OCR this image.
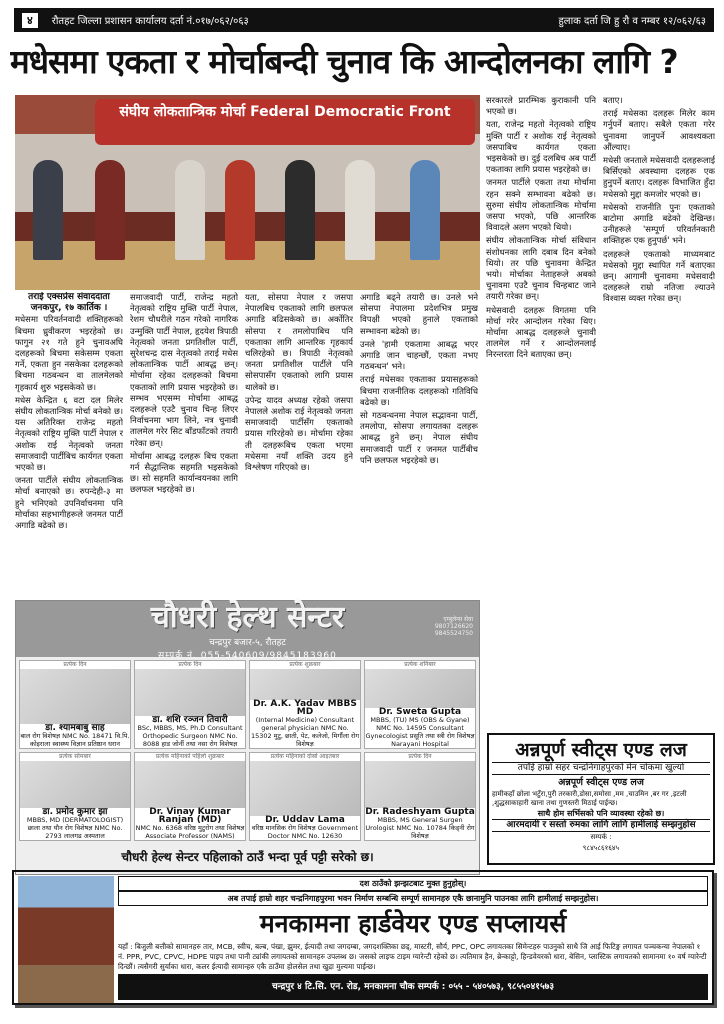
४	रौतहट जिल्ला प्रशासन कार्यालय दर्ता नं.०१७/०६२/०६३	हुलाक दर्ता जि हु रौ व नम्बर १२/०६२/६३
मधेसमा एकता र मोर्चाबन्दी चुनाव कि आन्दोलनका लागि ?
संघीय लोकतान्त्रिक मोर्चा Federal Democratic Front
तराई एक्सप्रेस संवाददाता
जनकपुर, १७ कार्तिक ।

मधेसमा परिवर्तनवादी शक्तिहरूको बिचमा ध्रुवीकरण भइरहेको छ। फागुन २१ गते हुने चुनावअघि दलहरूको बिचमा सकेसम्म एकता गर्ने, एकता हुन नसकेका दलहरूको बिचमा गठबन्धन वा तालमेलको गृहकार्य शुरु भइसकेको छ।

मधेस केन्द्रित ६ वटा दल मिलेर संघीय लोकतान्त्रिक मोर्चा बनेको छ। यस अतिरिक्त राजेन्द्र महतो नेतृत्वको राष्ट्रिय मुक्ति पार्टी नेपाल र अशोक राई नेतृत्वको जनता समाजवादी पार्टीबिच कार्यगत एकता भएको छ।

जनता पार्टीले संघीय लोकतान्त्रिक मोर्चा बनाएको छ। रुपन्देही-३ मा हुने भनिएको उपनिर्वाचनमा पनि मोर्चाका सहभागीहरूले जनमत पार्टी अगाडि बढेको छ।

समाजवादी पार्टी, राजेन्द्र महतो नेतृत्वको राष्ट्रिय मुक्ति पार्टी नेपाल, रेशम चौधरीले गठन गरेको नागरिक उन्मुक्ति पार्टी नेपाल, हृदयेश त्रिपाठी नेतृत्वको जनता प्रगतिशील पार्टी, सुरेशचन्द्र दास नेतृत्वको तराई मधेस लोकतान्त्रिक पार्टी आबद्ध छन्। मोर्चामा रहेका दलहरूको बिचमा एकताको लागि प्रयास भइरहेको छ। सम्भव भएसम्म मोर्चामा आबद्ध दलहरूले एउटै चुनाव चिन्ह लिएर निर्वाचनमा भाग लिने, नत्र चुनावी तालमेल गरेर सिट बाँडफाँटको तयारी गरेका छन्।

मोर्चामा आबद्ध दलहरू बिच एकता गर्न सैद्धान्तिक सहमति भइसकेको छ। सो सहमति कार्यान्वयनका लागि छलफल भइरहेको छ।

यता, सोसपा नेपाल र जसपा नेपालबिच एकताको लागि छलफल अगाडि बढिसकेको छ। अर्कोतिर सोसपा र तमलोपाबिच पनि एकताका लागि आन्तरिक गृहकार्य चलिरहेको छ। त्रिपाठी नेतृत्वको जनता प्रगतिशील पार्टीले पनि सोसपासँग एकताको लागि प्रयास थालेको छ।

उपेन्द्र यादव अध्यक्ष रहेको जसपा नेपालले अशोक राई नेतृत्वको जनता समाजवादी पार्टीसँग एकताको प्रयास गरिरहेको छ। मोर्चामा रहेका ती दलहरूबिच एकता भएमा मधेसमा नयाँ शक्ति उदय हुने विश्लेषण गरिएको छ।

अगाडि बढ्ने तयारी छ। उनले भने सोसपा नेपालमा प्रदेशभित्र प्रमुख विपक्षी भएको हुनाले एकताको सम्भावना बढेको छ।

उनले 'हामी एकतामा आबद्ध भएर अगाडि जान चाहन्छौं, एकता नभए गठबन्धन' भने।

तराई मधेसका एकताका प्रयासहरूको बिचमा राजनीतिक दलहरूको गतिविधि बढेको छ।

सो गठबन्धनमा नेपाल सद्भावना पार्टी, तमलोपा, सोसपा लगायतका दलहरू आबद्ध हुने छन्। नेपाल संघीय समाजवादी पार्टी र जनमत पार्टीबीच पनि छलफल भइरहेको छ।

सरकारले प्रारम्भिक कुराकानी पनि भएको छ।

यता, राजेन्द्र महतो नेतृत्वको राष्ट्रिय मुक्ति पार्टी र अशोक राई नेतृत्वको जसपाबिच कार्यगत एकता भइसकेको छ। दुई दलबिच अब पार्टी एकताका लागि प्रयास भइरहेको छ।

जनमत पार्टीले एकता तथा मोर्चामा रहन सक्ने सम्भावना बढेको छ। सुरुमा संघीय लोकतान्त्रिक मोर्चामा जसपा भएको, पछि आन्तरिक विवादले अलग भएको थियो।

संघीय लोकतान्त्रिक मोर्चा संविधान संशोधनका लागि दबाब दिन बनेको थियो। तर पछि चुनावमा केन्द्रित भयो। मोर्चाका नेताहरूले अबको चुनावमा एउटै चुनाव चिन्हबाट जाने तयारी गरेका छन्।

मधेसवादी दलहरू विगतमा पनि मोर्चा गरेर आन्दोलन गरेका थिए। मोर्चामा आबद्ध दलहरूले चुनावी तालमेल गर्ने र आन्दोलनलाई निरन्तरता दिने बताएका छन्।

बताए।

तराई मधेसका दलहरू मिलेर काम गर्नुपर्ने बताए। सबैले एकता गरेर चुनावमा जानुपर्ने आवश्यकता औंल्याए।

मधेसी जनताले मधेसवादी दलहरूलाई बिर्सिएको अवस्थामा दलहरू एक हुनुपर्ने बताए। दलहरू विभाजित हुँदा मधेसको मुद्दा कमजोर भएको छ।

मधेसको राजनीति पुनः एकताको बाटोमा अगाडि बढेको देखिन्छ। उनीहरूले 'सम्पूर्ण परिवर्तनकारी शक्तिहरू एक हुनुपर्छ' भने।

दलहरूले एकताको माध्यमबाट मधेसको मुद्दा स्थापित गर्ने बताएका छन्। आगामी चुनावमा मधेसवादी दलहरूले राम्रो नतिजा ल्याउने विश्वास व्यक्त गरेका छन्।

चौधरी हेल्थ सेन्टर
चन्द्रपुर बजार-५, रौतहट
सम्पर्क नं. 055-540609/9845183960
एम्बुलेन्स सेवा 9807126620 9845524750
प्रत्येक दिन
डा. श्यामबाबु साह
बाल रोग विशेषज्ञ NMC No. 18471 वि.पि. कोइराला स्वास्थ्य विज्ञान प्रतिष्ठान धरान
प्रत्येक दिन
डा. शशि रञ्जन तिवारी
BSc, MBBS, MS, Ph.D Consultant Orthopedic Surgeon NMC No. 8088 हाड जोर्नी तथा नसा रोग विशेषज्ञ
प्रत्येक शुक्रबार
Dr. A.K. Yadav MBBS MD
(Internal Medicine) Consultant general physician NMC No. 15302 मुटु, छाती, पेट, कलेजो, मिर्गौला रोग विशेषज्ञ
प्रत्येक शनिबार
Dr. Sweta Gupta
MBBS, (TU) MS (OBS & Gyane) NMC No. 14595 Consultant Gynecologist प्रसूति तथा स्त्री रोग विशेषज्ञ Narayani Hospital
प्रत्येक सोमबार
डा. प्रमोद कुमार झा
MBBS, MD (DERMATOLOGIST) छाला तथा यौन रोग विशेषज्ञ NMC No. 2793 लालगढ अस्पताल
प्रत्येक महिनाको पहिलो शुक्रबार
Dr. Vinay Kumar Ranjan (MD)
NMC No. 6368 वरिष्ठ मुटुरोग तथा विशेषज्ञ Associate Professor (NAMS)
प्रत्येक महिनाको दोस्रो आइतबार
Dr. Uddav Lama
वरिष्ठ मानसिक रोग विशेषज्ञ Government Doctor NMC No. 12630
प्रत्येक दिन
Dr. Radeshyam Gupta
MBBS, MS General Surgen Urologist NMC No. 10784 किड्नी रोग विशेषज्ञ
चौधरी हेल्थ सेन्टर पहिलाको ठाउँ भन्दा पूर्व पट्टी सरेको छ।
अन्नपूर्ण स्वीट्स एण्ड लज
तपाँई हाम्रो सहर चन्द्रनिगाहपुरको मेन चोकमा खुल्यो
अन्नपूर्ण स्वीट्स एण्ड लज
हामीकहाँ छोला भटुँरा,पुरी तरकारी,डोसा,समोसा ,मम ,चाउमिन ,बर गर ,इटली ,शुद्धसाकाहारी खाना तथा गुणस्तरी मिठाई पाईन्छ।
साथै होम सर्भिसको पनि व्यावस्था रहेको छ।
आरमदायी र सस्तो रुमका लागि लागि हामीलाई सम्झनुहोस
सम्पर्क :
९८४५८६१६४५
दश ठाउँको झन्झटबाट मुक्त हुनुहोस्।
अब तपाई हाम्रो शहर चन्द्रनिगाहपुरमा भवन निर्माण सम्बन्धि सम्पूर्ण सामानहरु एकै छानामुनि पाउनका लागि हामीलाई सम्झनुहोस।
मनकामना हार्डवेयर एण्ड सप्लायर्स
यहाँ : बिजुली बत्तीको सामानहरु तार, MCB, स्वीच, बल्ब, पंखा, झुमर, ईत्यादी तथा जगदम्बा, जगदशक्तिका छड्, मास्टरी, सौर्य, PPC, OPC लगायतका सिमेन्टहरु पाउनुको साथै जि आई फिटिङ्ग लगायत पञ्चकन्या नेपालको १ नं. PPR, PVC, CPVC, HDPE पाइप तथा पानी ट्यांकी लगायतको सामानहरु उपलब्ध छ। जसको लाइफ टाइम ग्यारेन्टी रहेको छ। त्यतिमात्र हैन, ब्रेन्काट्टो, हिन्डवेयरको धारा, बेसिन, प्लास्टिक लगायतको सामानमा १० वर्ष ग्यारेन्टी दिन्छौं। त्यसैगरी सुर्याका धारा, कलर ईत्यादी सामान्हरु एकै ठाउँमा होलसेल तथा खुद्रा मुल्यमा पाईन्छ।
चन्द्रपुर ४ टि.सि. एन. रोड, मनकामना चौक सम्पर्क : ०५५ - ५४०५७३, ९८५५०४१५७३
